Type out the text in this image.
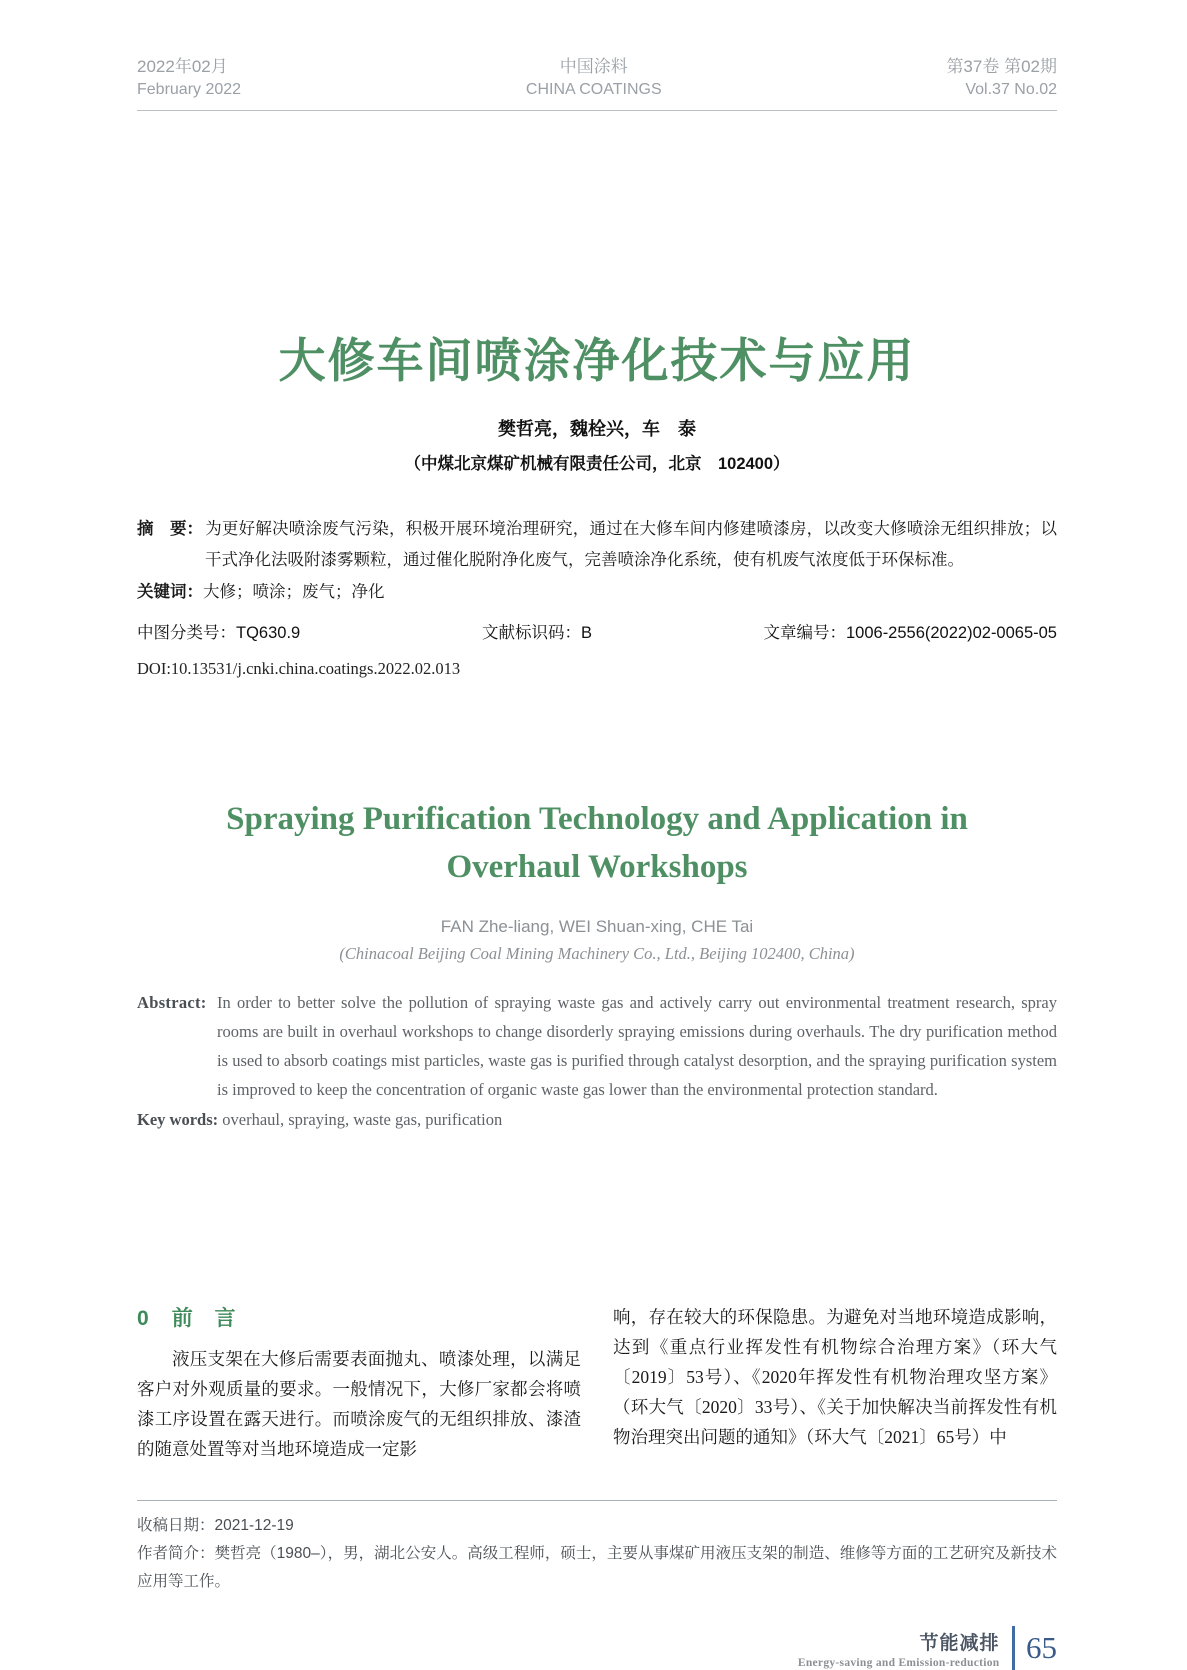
2022年02月
February 2022
中国涂料
CHINA COATINGS
第37卷 第02期
Vol.37 No.02
大修车间喷涂净化技术与应用
樊哲亮，魏栓兴，车　泰
（中煤北京煤矿机械有限责任公司，北京　102400）

摘　要： 为更好解决喷涂废气污染，积极开展环境治理研究，通过在大修车间内修建喷漆房，以改变大修喷涂无组织排放；以干式净化法吸附漆雾颗粒，通过催化脱附净化废气，完善喷涂净化系统，使有机废气浓度低于环保标准。

关键词：大修；喷涂；废气；净化

中图分类号：TQ630.9	文献标识码：B	文章编号：1006-2556(2022)02-0065-05
DOI:10.13531/j.cnki.china.coatings.2022.02.013
Spraying Purification Technology and Application in
Overhaul Workshops
FAN Zhe-liang, WEI Shuan-xing, CHE Tai
(Chinacoal Beijing Coal Mining Machinery Co., Ltd., Beijing 102400, China)

Abstract: In order to better solve the pollution of spraying waste gas and actively carry out environmental treatment research, spray rooms are built in overhaul workshops to change disorderly spraying emissions during overhauls. The dry purification method is used to absorb coatings mist particles, waste gas is purified through catalyst desorption, and the spraying purification system is improved to keep the concentration of organic waste gas lower than the environmental protection standard.

Key words: overhaul, spraying, waste gas, purification

0 前 言

液压支架在大修后需要表面抛丸、喷漆处理，以满足客户对外观质量的要求。一般情况下，大修厂家都会将喷漆工序设置在露天进行。而喷涂废气的无组织排放、漆渣的随意处置等对当地环境造成一定影

响，存在较大的环保隐患。为避免对当地环境造成影响，达到《重点行业挥发性有机物综合治理方案》（环大气〔2019〕53号）、《2020年挥发性有机物治理攻坚方案》（环大气〔2020〕33号）、《关于加快解决当前挥发性有机物治理突出问题的通知》（环大气〔2021〕65号）中

收稿日期：2021-12-19
作者简介：樊哲亮（1980–），男，湖北公安人。高级工程师，硕士，主要从事煤矿用液压支架的制造、维修等方面的工艺研究及新技术应用等工作。
节能减排
Energy-saving and Emission-reduction 65
